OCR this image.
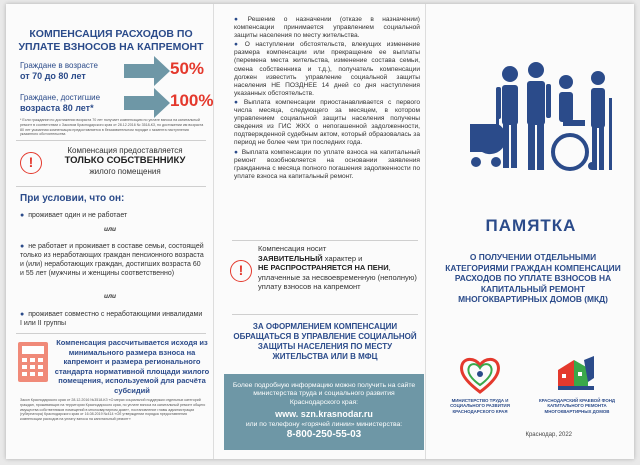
КОМПЕНСАЦИЯ РАСХОДОВ ПО УПЛАТЕ ВЗНОСОВ НА КАПРЕМОНТ
Гражданe в возрасте
от 70 до 80 лет	50%
Гражданe, достигшие
возраста 80 лет*	100%
* Если гражданин по достижении возраста 70 лет получает компенсацию по уплате взноса на капитальный ремонт в соответствии с Законом Краснодарского края от 28.12.2016 № 3518-КЗ, по достижении им возраста 80 лет указанная компенсация предоставляется в беззаявительном порядке с момента наступления указанного обстоятельства
!
Компенсация предоставляется
ТОЛЬКО СОБСТВЕННИКУ
жилого помещения
При условии, что он:
● проживает один и не работает
или
● не работает и проживает в составе семьи, состоящей только из неработающих граждан пенсионного возраста и (или) неработающих граждан, достигших возраста 60 и 55 лет (мужчины и женщины соответственно)
или
● проживает совместно с неработающими инвалидами I или II группы
Компенсация рассчитывается исходя из минимального размера взноса на капремонт и размера регионального стандарта нормативной площади жилого помещения, используемой для расчёта субсидий
Закон Краснодарского края от 28.12.2016 №3518-КЗ «О мерах социальной поддержки отдельных категорий граждан, проживающих на территории Краснодарского края, по уплате взноса на капитальный ремонт общего имущества собственников помещений в многоквартирном доме», постановление главы администрации (губернатора) Краснодарского края от 16.08.2019 №414 «Об утверждении порядка предоставления компенсации расходов на уплату взноса на капитальный ремонт»
● Решение о назначении (отказе в назначении) компенсации принимается управлением социальной защиты населения по месту жительства.
● О наступлении обстоятельств, влекущих изменение размера компенсации или прекращение ее выплаты (перемена места жительства, изменение состава семьи, смена собственника и т.д.), получатель компенсации должен известить управление социальной защиты населения НЕ ПОЗДНЕЕ 14 дней со дня наступления указанных обстоятельств.
● Выплата компенсации приостанавливается с первого числа месяца, следующего за месяцем, в котором управлением социальной защиты населения получены сведения из ГИС ЖКХ о непогашенной задолженности, подтвержденной судебным актом, который образовалась за период не более чем три последних года.
● Выплата компенсации по уплате взноса на капитальный ремонт возобновляется на основании заявления гражданина с месяца полного погашения задолженности по уплате взноса на капитальный ремонт.
!
Компенсация носит
ЗАЯВИТЕЛЬНЫЙ характер и
НЕ РАСПРОСТРАНЯЕТСЯ НА ПЕНИ, уплаченные за несвоевременную (неполную) уплату взносов на капремонт
ЗА ОФОРМЛЕНИЕМ КОМПЕНСАЦИИ ОБРАЩАТЬСЯ В УПРАВЛЕНИЕ СОЦИАЛЬНОЙ ЗАЩИТЫ НАСЕЛЕНИЯ ПО МЕСТУ ЖИТЕЛЬСТВА ИЛИ В МФЦ
Более подробную информацию можно получить на сайте министерства труда и социального развития Краснодарского края:
www. szn.krasnodar.ru
или по телефону «горячей линии» министерства:
8-800-250-55-03
ПАМЯТКА
О ПОЛУЧЕНИИ ОТДЕЛЬНЫМИ КАТЕГОРИЯМИ ГРАЖДАН КОМПЕНСАЦИИ РАСХОДОВ ПО УПЛАТЕ ВЗНОСОВ НА КАПИТАЛЬНЫЙ РЕМОНТ МНОГОКВАРТИРНЫХ ДОМОВ (МКД)
МИНИСТЕРСТВО ТРУДА И СОЦИАЛЬНОГО РАЗВИТИЯ КРАСНОДАРСКОГО КРАЯ
КРАСНОДАРСКИЙ КРАЕВОЙ ФОНД КАПИТАЛЬНОГО РЕМОНТА МНОГОКВАРТИРНЫХ ДОМОВ
Краснодар, 2022
